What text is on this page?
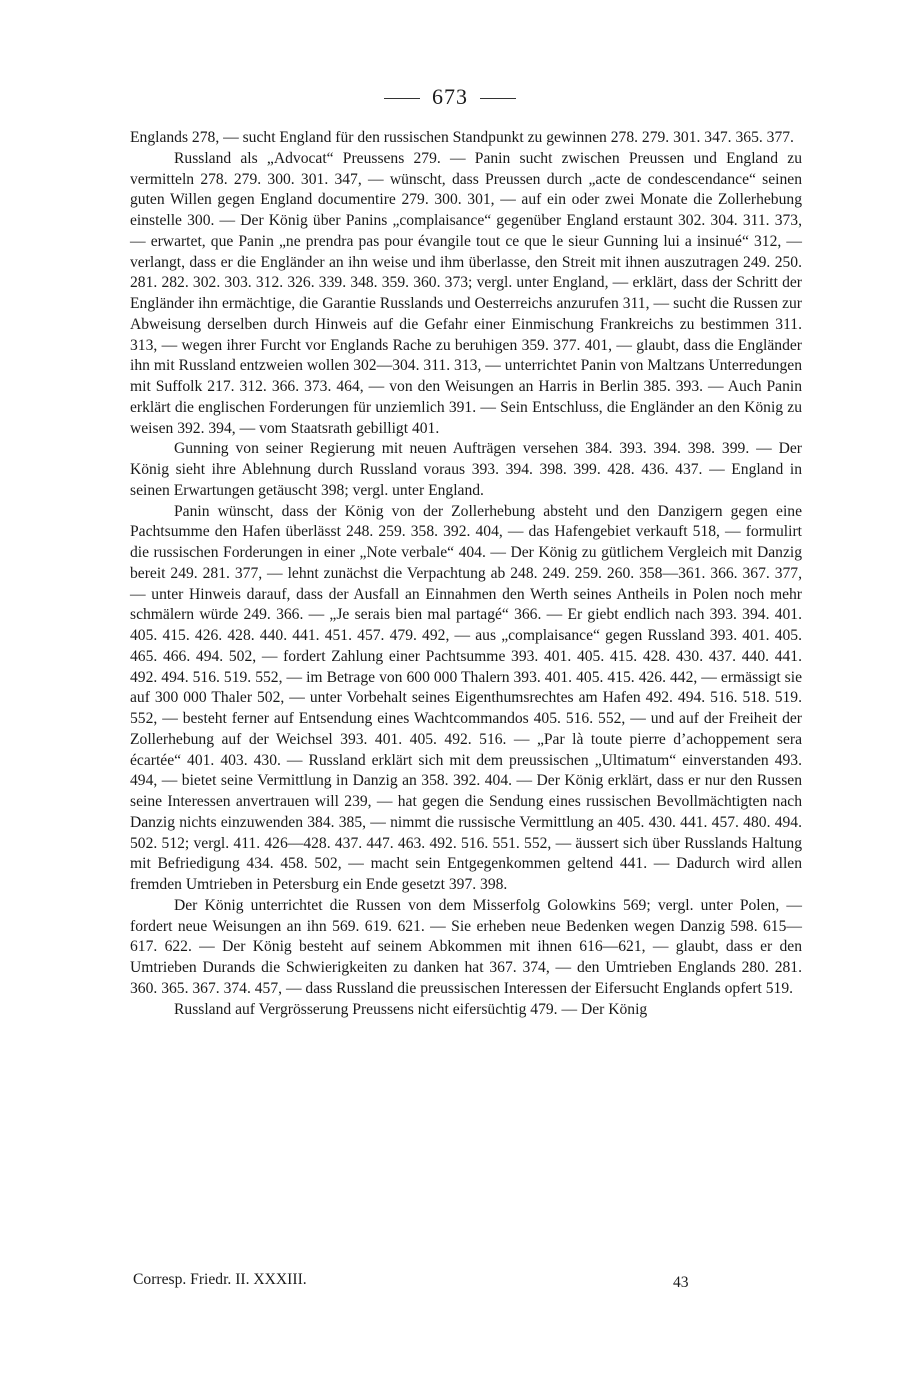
673

Englands 278, — sucht England für den russischen Standpunkt zu gewinnen 278. 279. 301. 347. 365. 377.

Russland als „Advocat“ Preussens 279. — Panin sucht zwischen Preussen und England zu vermitteln 278. 279. 300. 301. 347, — wünscht, dass Preussen durch „acte de condescendance“ seinen guten Willen gegen England documentire 279. 300. 301, — auf ein oder zwei Monate die Zollerhebung einstelle 300. — Der König über Panins „complaisance“ gegenüber England erstaunt 302. 304. 311. 373, — erwartet, que Panin „ne prendra pas pour évangile tout ce que le sieur Gunning lui a insinué“ 312, — verlangt, dass er die Engländer an ihn weise und ihm überlasse, den Streit mit ihnen auszutragen 249. 250. 281. 282. 302. 303. 312. 326. 339. 348. 359. 360. 373; vergl. unter England, — erklärt, dass der Schritt der Engländer ihn ermächtige, die Garantie Russlands und Oesterreichs anzurufen 311, — sucht die Russen zur Abweisung derselben durch Hinweis auf die Gefahr einer Einmischung Frankreichs zu bestimmen 311. 313, — wegen ihrer Furcht vor Englands Rache zu beruhigen 359. 377. 401, — glaubt, dass die Engländer ihn mit Russland entzweien wollen 302—304. 311. 313, — unterrichtet Panin von Maltzans Unterredungen mit Suffolk 217. 312. 366. 373. 464, — von den Weisungen an Harris in Berlin 385. 393. — Auch Panin erklärt die englischen Forderungen für unziemlich 391. — Sein Entschluss, die Engländer an den König zu weisen 392. 394, — vom Staatsrath gebilligt 401.

Gunning von seiner Regierung mit neuen Aufträgen versehen 384. 393. 394. 398. 399. — Der König sieht ihre Ablehnung durch Russland voraus 393. 394. 398. 399. 428. 436. 437. — England in seinen Erwartungen getäuscht 398; vergl. unter England.

Panin wünscht, dass der König von der Zollerhebung absteht und den Danzigern gegen eine Pachtsumme den Hafen überlässt 248. 259. 358. 392. 404, — das Hafengebiet verkauft 518, — formulirt die russischen Forderungen in einer „Note verbale“ 404. — Der König zu gütlichem Vergleich mit Danzig bereit 249. 281. 377, — lehnt zunächst die Verpachtung ab 248. 249. 259. 260. 358—361. 366. 367. 377, — unter Hinweis darauf, dass der Ausfall an Einnahmen den Werth seines Antheils in Polen noch mehr schmälern würde 249. 366. — „Je serais bien mal partagé“ 366. — Er giebt endlich nach 393. 394. 401. 405. 415. 426. 428. 440. 441. 451. 457. 479. 492, — aus „complaisance“ gegen Russland 393. 401. 405. 465. 466. 494. 502, — fordert Zahlung einer Pachtsumme 393. 401. 405. 415. 428. 430. 437. 440. 441. 492. 494. 516. 519. 552, — im Betrage von 600 000 Thalern 393. 401. 405. 415. 426. 442, — ermässigt sie auf 300 000 Thaler 502, — unter Vorbehalt seines Eigenthumsrechtes am Hafen 492. 494. 516. 518. 519. 552, — besteht ferner auf Entsendung eines Wachtcommandos 405. 516. 552, — und auf der Freiheit der Zollerhebung auf der Weichsel 393. 401. 405. 492. 516. — „Par là toute pierre d’achoppement sera écartée“ 401. 403. 430. — Russland erklärt sich mit dem preussischen „Ultimatum“ einverstanden 493. 494, — bietet seine Vermittlung in Danzig an 358. 392. 404. — Der König erklärt, dass er nur den Russen seine Interessen anvertrauen will 239, — hat gegen die Sendung eines russischen Bevollmächtigten nach Danzig nichts einzuwenden 384. 385, — nimmt die russische Vermittlung an 405. 430. 441. 457. 480. 494. 502. 512; vergl. 411. 426—428. 437. 447. 463. 492. 516. 551. 552, — äussert sich über Russlands Haltung mit Befriedigung 434. 458. 502, — macht sein Entgegenkommen geltend 441. — Dadurch wird allen fremden Umtrieben in Petersburg ein Ende gesetzt 397. 398.

Der König unterrichtet die Russen von dem Misserfolg Golowkins 569; vergl. unter Polen, — fordert neue Weisungen an ihn 569. 619. 621. — Sie erheben neue Bedenken wegen Danzig 598. 615—617. 622. — Der König besteht auf seinem Abkommen mit ihnen 616—621, — glaubt, dass er den Umtrieben Durands die Schwierigkeiten zu danken hat 367. 374, — den Umtrieben Englands 280. 281. 360. 365. 367. 374. 457, — dass Russland die preussischen Interessen der Eifersucht Englands opfert 519.

Russland auf Vergrösserung Preussens nicht eifersüchtig 479. — Der König

Corresp. Friedr. II. XXXIII.	43
